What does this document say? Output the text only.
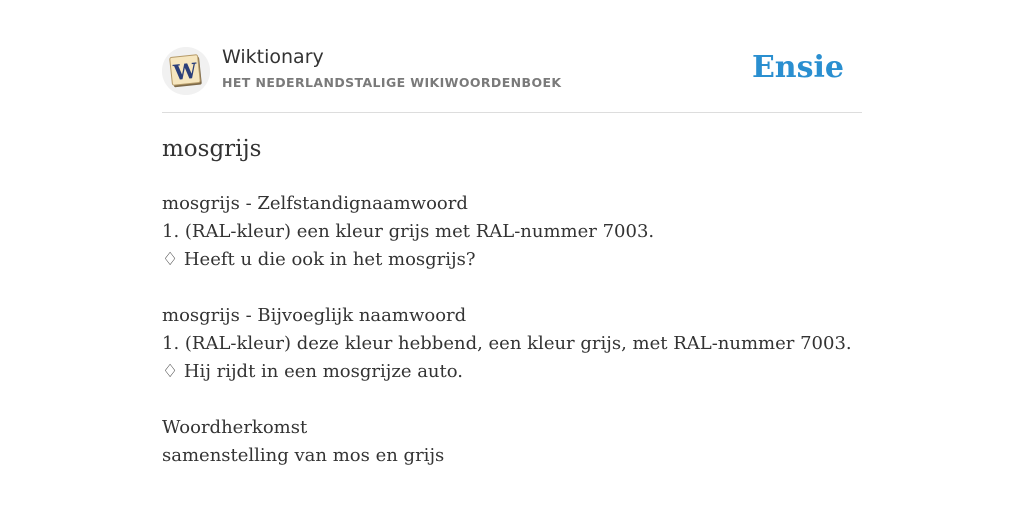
W
Wiktionary
HET NEDERLANDSTALIGE WIKIWOORDENBOEK	Ensie
mosgrijs
mosgrijs - Zelfstandignaamwoord
1. (RAL-kleur) een kleur grijs met RAL-nummer 7003.
♢ Heeft u die ook in het mosgrijs?
mosgrijs - Bijvoeglijk naamwoord
1. (RAL-kleur) deze kleur hebbend, een kleur grijs, met RAL-nummer 7003.
♢ Hij rijdt in een mosgrijze auto.
Woordherkomst
samenstelling van mos en grijs
